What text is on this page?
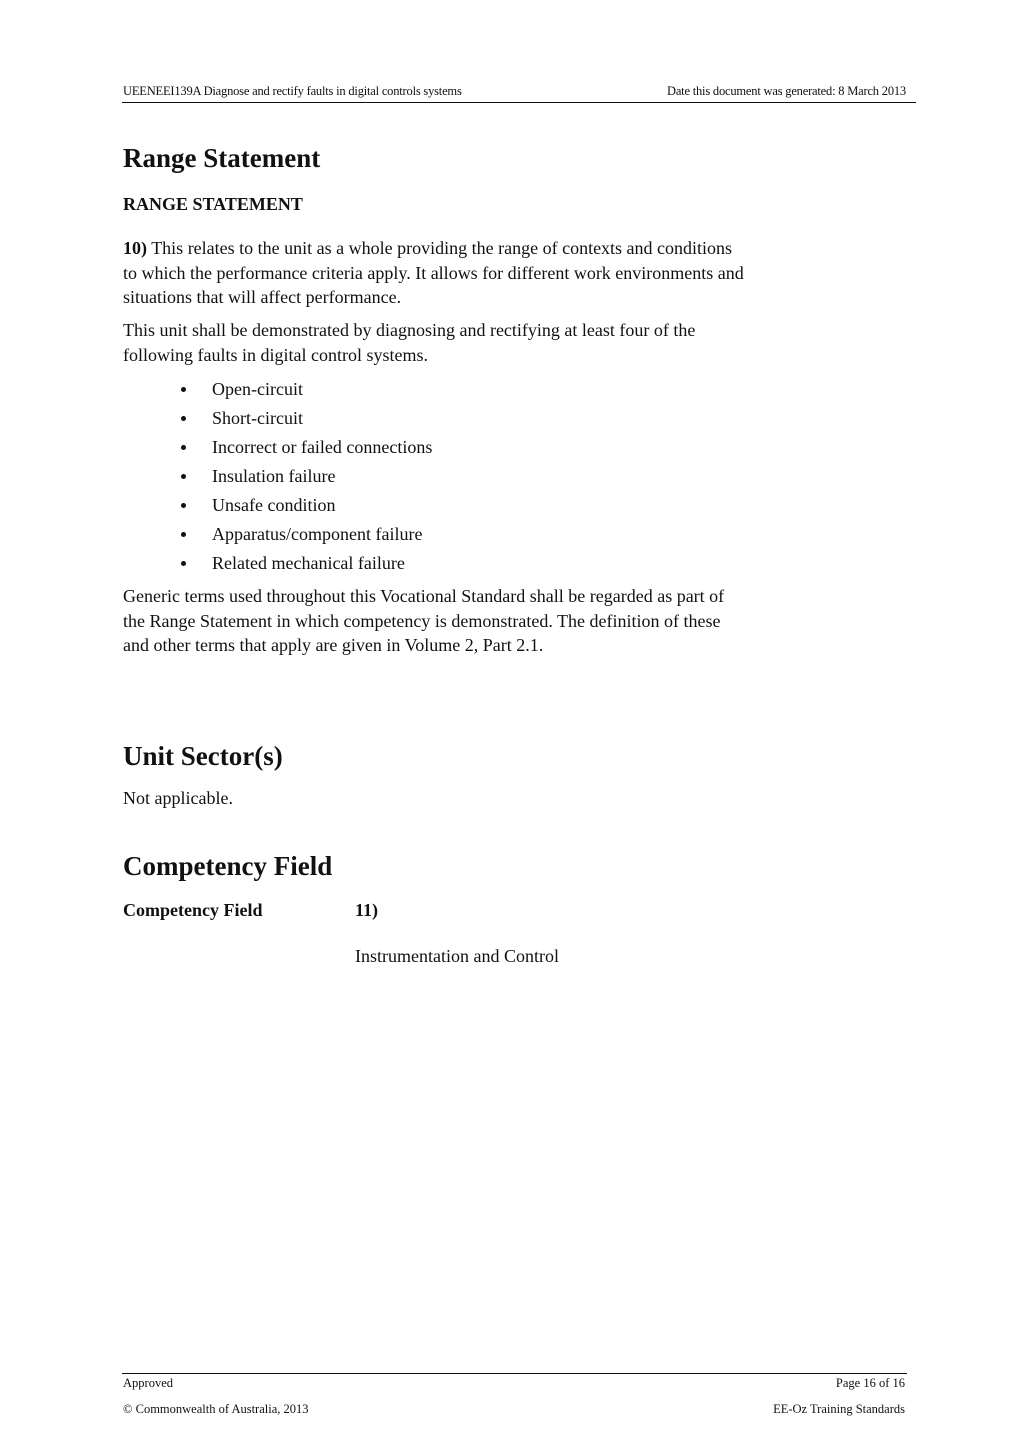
UEENEEI139A Diagnose and rectify faults in digital controls systems	Date this document was generated: 8 March 2013
Range Statement
RANGE STATEMENT
10) This relates to the unit as a whole providing the range of contexts and conditions
to which the performance criteria apply. It allows for different work environments and
situations that will affect performance.
This unit shall be demonstrated by diagnosing and rectifying at least four of the
following faults in digital control systems.
Open-circuit
Short-circuit
Incorrect or failed connections
Insulation failure
Unsafe condition
Apparatus/component failure
Related mechanical failure
Generic terms used throughout this Vocational Standard shall be regarded as part of
the Range Statement in which competency is demonstrated. The definition of these
and other terms that apply are given in Volume 2, Part 2.1.
Unit Sector(s)
Not applicable.
Competency Field
Competency Field	11)
Instrumentation and Control
Approved	Page 16 of 16
© Commonwealth of Australia, 2013	EE-Oz Training Standards
